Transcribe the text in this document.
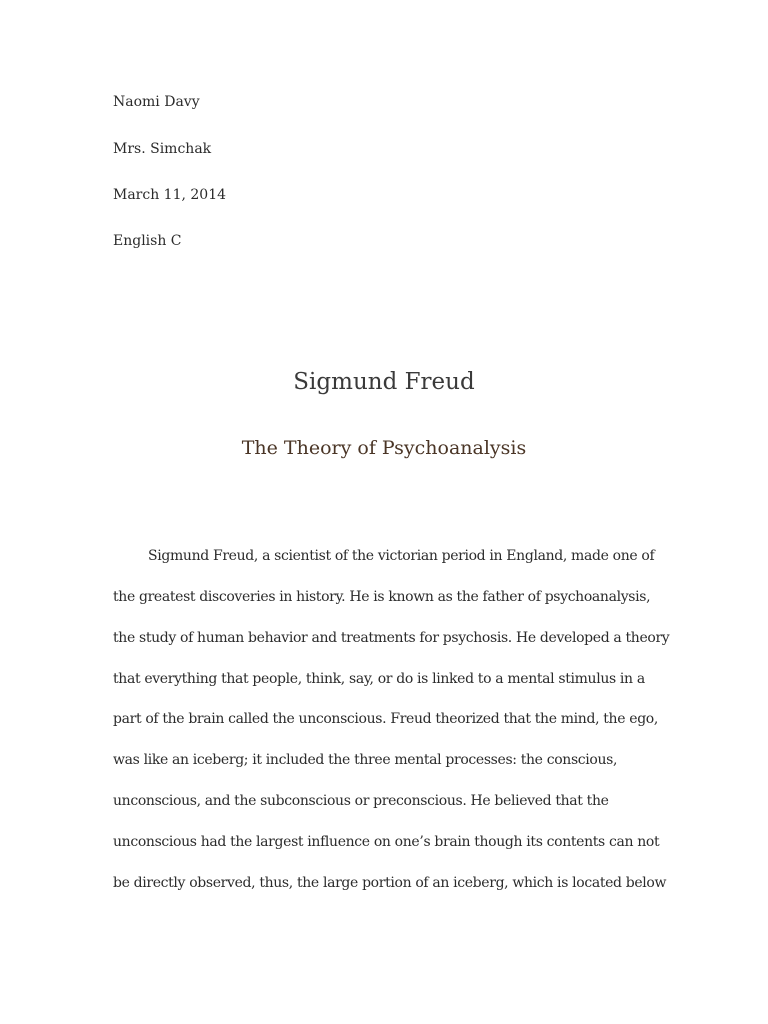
Naomi Davy
Mrs. Simchak
March 11, 2014
English C
Sigmund Freud
The Theory of Psychoanalysis
Sigmund Freud, a scientist of the victorian period in England, made one of
the greatest discoveries in history. He is known as the father of psychoanalysis,
the study of human behavior and treatments for psychosis. He developed a theory
that everything that people, think, say, or do is linked to a mental stimulus in a
part of the brain called the unconscious. Freud theorized that the mind, the ego,
was like an iceberg; it included the three mental processes: the conscious,
unconscious, and the subconscious or preconscious. He believed that the
unconscious had the largest influence on one’s brain though its contents can not
be directly observed, thus, the large portion of an iceberg, which is located below
